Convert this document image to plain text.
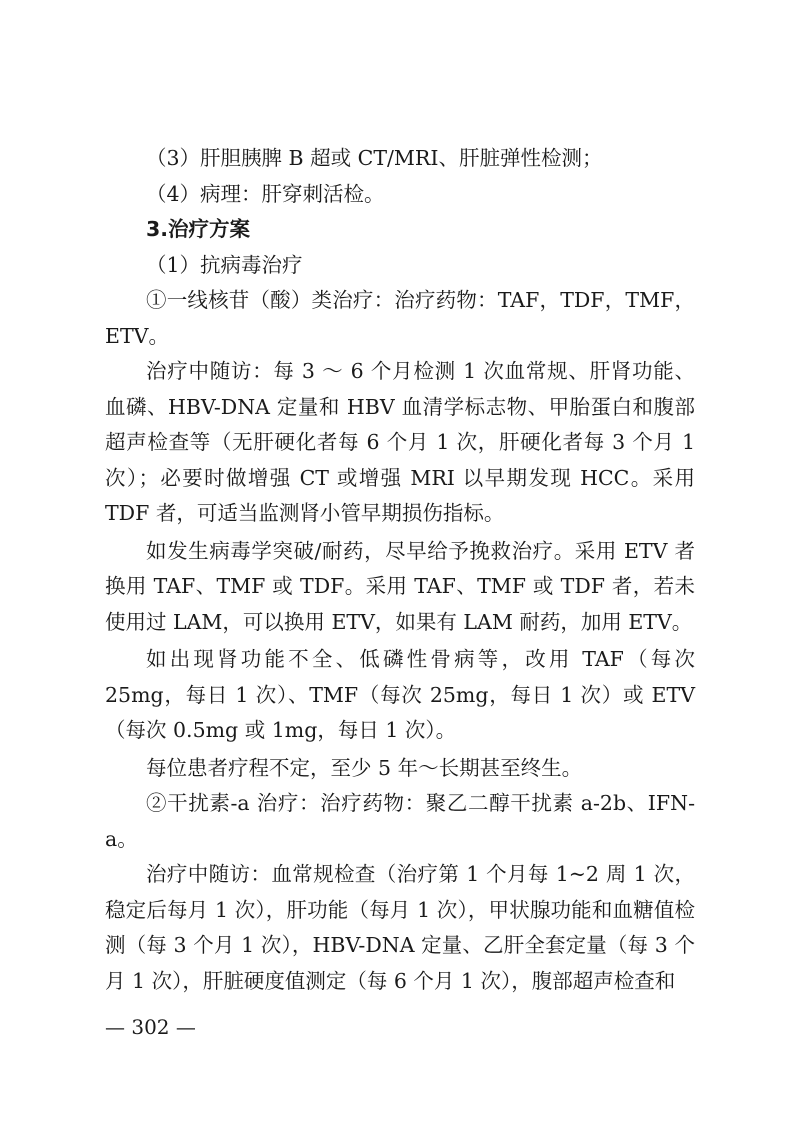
（3）肝胆胰脾 B 超或 CT/MRI、肝脏弹性检测；

（4）病理：肝穿刺活检。

3.治疗方案

（1）抗病毒治疗

①一线核苷（酸）类治疗：治疗药物：TAF，TDF，TMF，ETV。

治疗中随访：每 3 ～ 6 个月检测 1 次血常规、肝肾功能、血磷、HBV-DNA 定量和 HBV 血清学标志物、甲胎蛋白和腹部超声检查等（无肝硬化者每 6 个月 1 次，肝硬化者每 3 个月 1 次）；必要时做增强 CT 或增强 MRI 以早期发现 HCC。采用 TDF 者，可适当监测肾小管早期损伤指标。

如发生病毒学突破/耐药，尽早给予挽救治疗。采用 ETV 者换用 TAF、TMF 或 TDF。采用 TAF、TMF 或 TDF 者，若未使用过 LAM，可以换用 ETV，如果有 LAM 耐药，加用 ETV。

如出现肾功能不全、低磷性骨病等，改用 TAF（每次 25mg，每日 1 次）、TMF（每次 25mg，每日 1 次）或 ETV（每次 0.5mg 或 1mg，每日 1 次）。

每位患者疗程不定，至少 5 年～长期甚至终生。

②干扰素-a 治疗：治疗药物：聚乙二醇干扰素 a-2b、IFN-a。

治疗中随访：血常规检查（治疗第 1 个月每 1~2 周 1 次，稳定后每月 1 次），肝功能（每月 1 次），甲状腺功能和血糖值检测（每 3 个月 1 次），HBV-DNA 定量、乙肝全套定量（每 3 个月 1 次），肝脏硬度值测定（每 6 个月 1 次），腹部超声检查和

— 302 —
